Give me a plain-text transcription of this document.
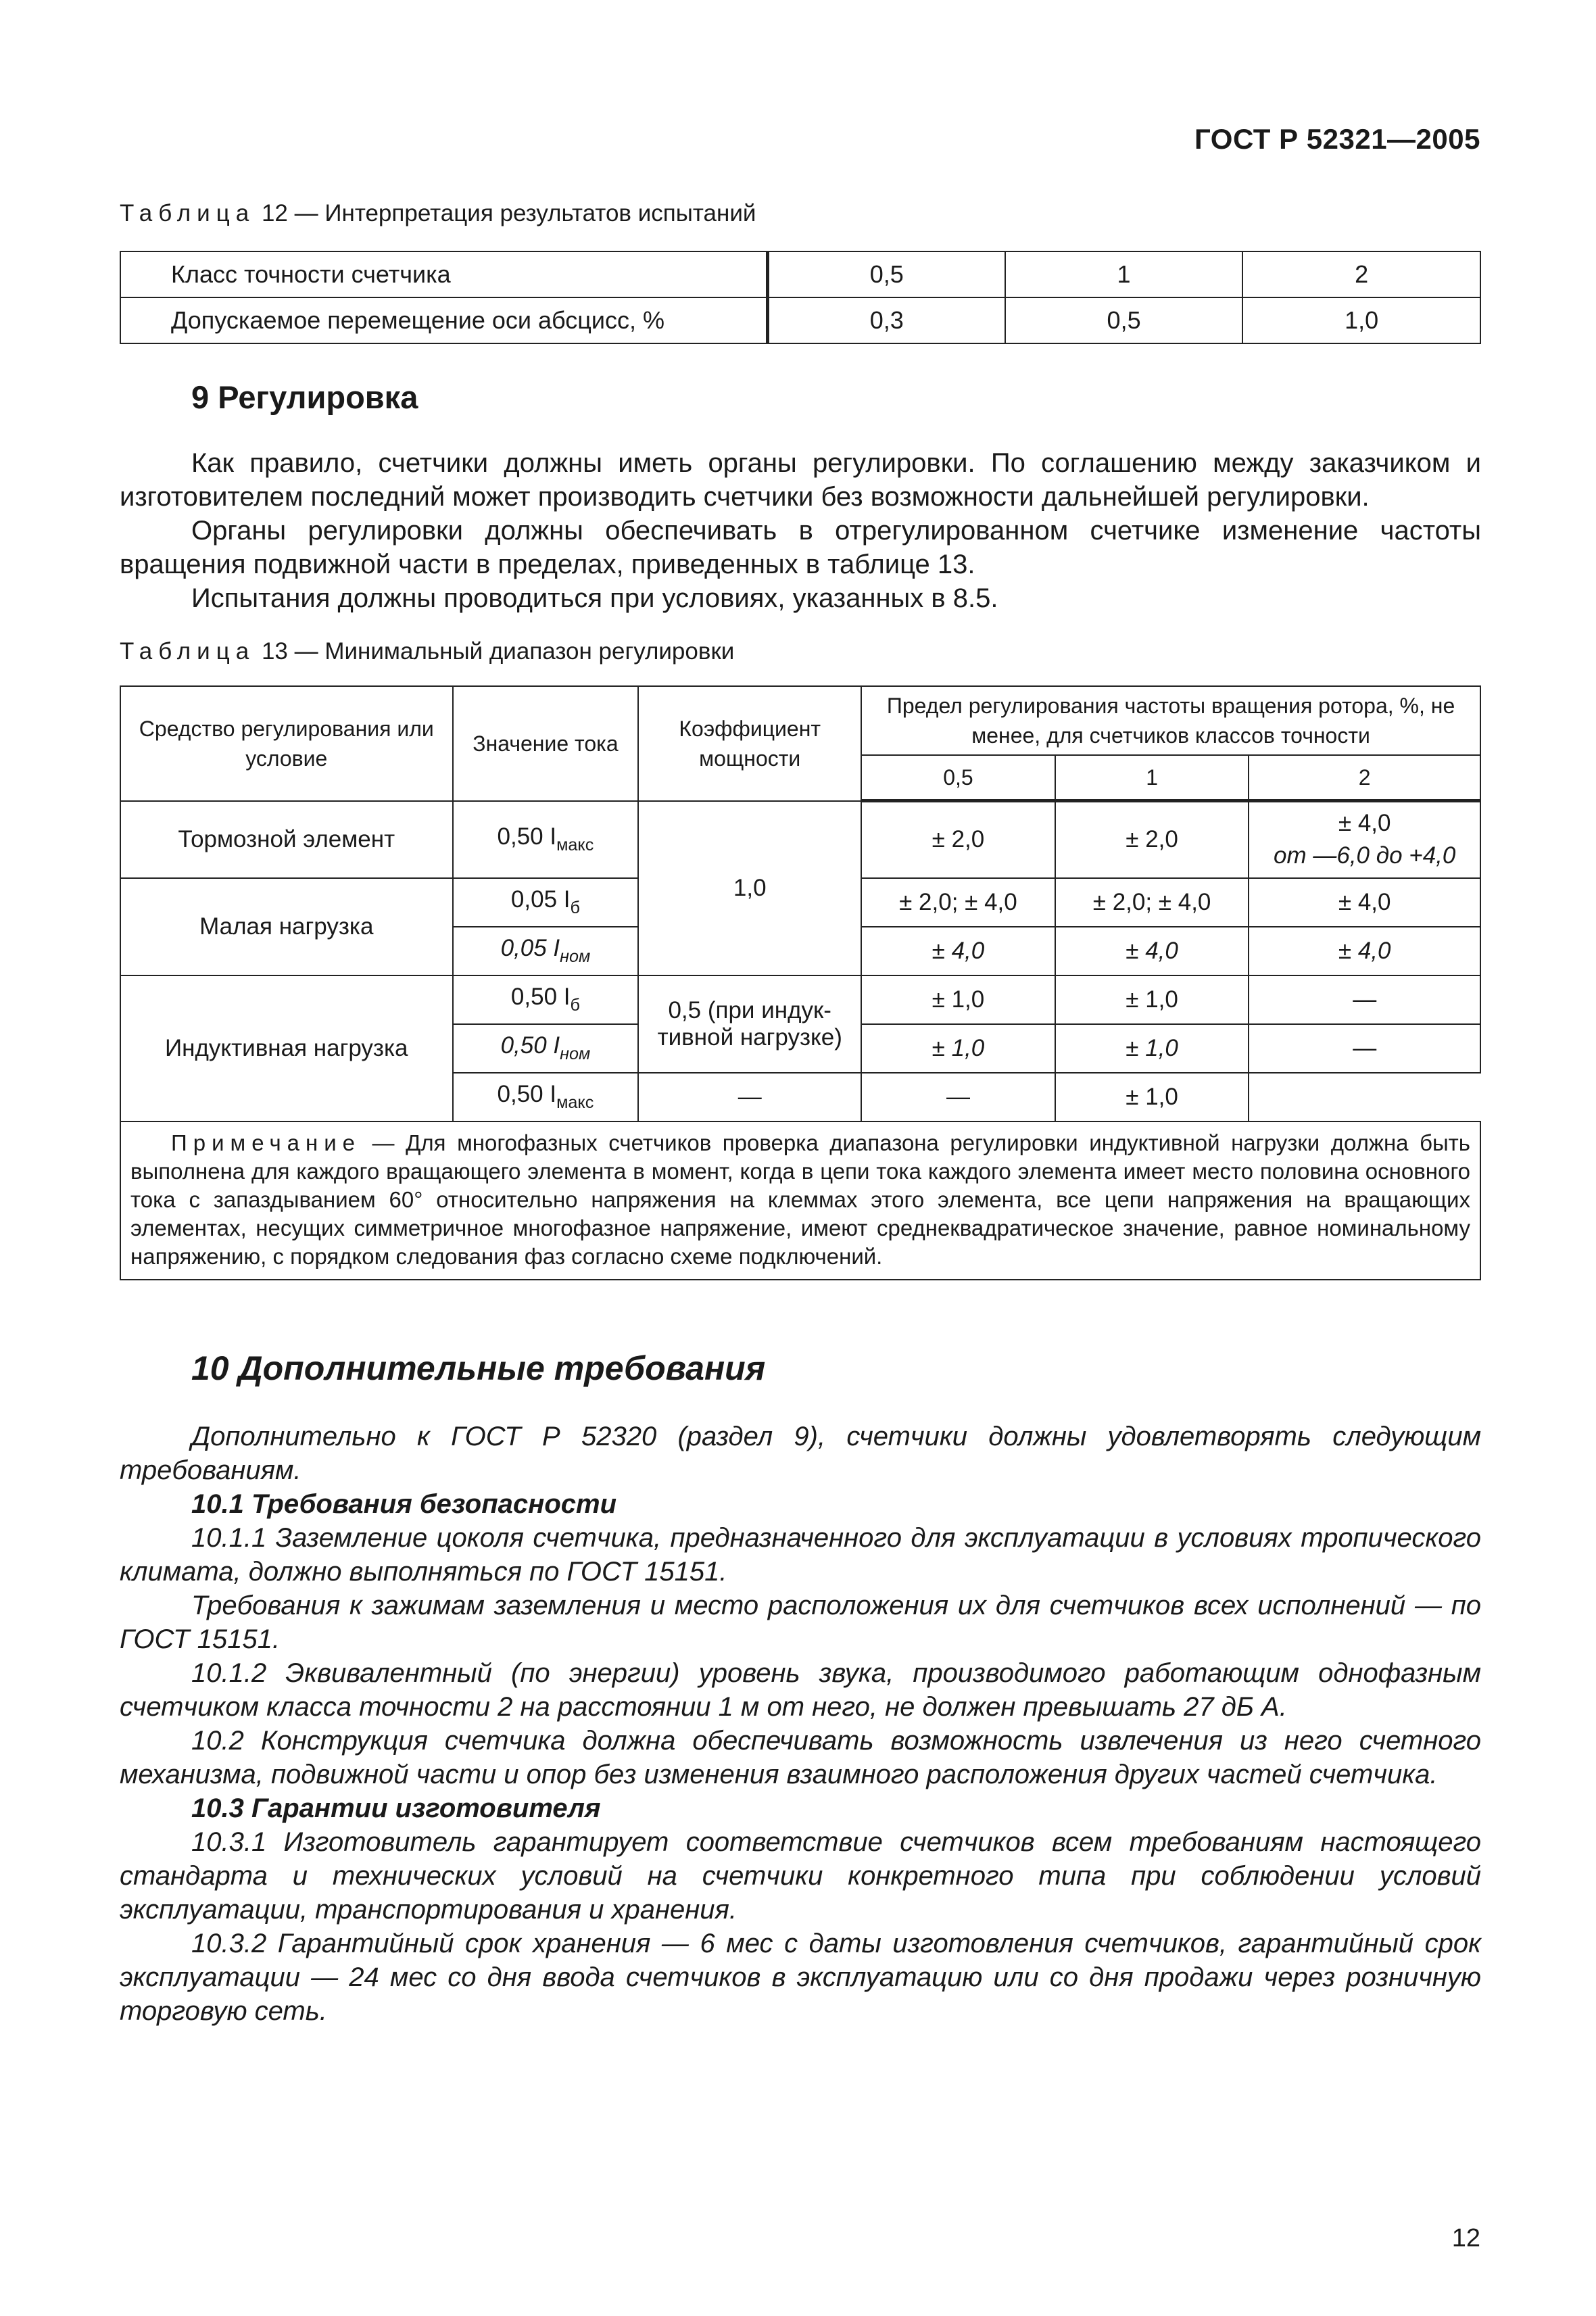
ГОСТ Р 52321—2005
Таблица 12 — Интерпретация результатов испытаний
Класс точности счетчика	0,5	1	2
Допускаемое перемещение оси абсцисс, %	0,3	0,5	1,0
9 Регулировка

Как правило, счетчики должны иметь органы регулировки. По соглашению между заказчиком и изготовителем последний может производить счетчики без возможности дальнейшей регулировки.

Органы регулировки должны обеспечивать в отрегулированном счетчике изменение частоты вращения подвижной части в пределах, приведенных в таблице 13.

Испытания должны проводиться при условиях, указанных в 8.5.

Таблица 13 — Минимальный диапазон регулировки
Средство регулирования или условие	Значение тока	Коэффициент мощности	Предел регулирования частоты вращения ротора, %, не менее, для счетчиков классов точности		
			0,5	1	2
Тормозной элемент	0,50 $I_{макс}$	1,0	± 2,0	± 2,0	± 4,0
от —6,0 до +4,0

Малая нагрузка	0,05 $I_б$		± 2,0; ± 4,0	± 2,0; ± 4,0	± 4,0
	0,05 $I_{ном}$		± 4,0	± 4,0	± 4,0
Индуктивная нагрузка	0,50 $I_б$	0,5 (при индук-тивной нагрузке)	± 1,0	± 1,0	—
	0,50 $I_{ном}$		± 1,0	± 1,0	—
	0,50 $I_{макс}$	—	—	± 1,0	
Примечание — Для многофазных счетчиков проверка диапазона регулировки индуктивной нагрузки должна быть выполнена для каждого вращающего элемента в момент, когда в цепи тока каждого элемента имеет место половина основного тока с запаздыванием 60° относительно напряжения на клеммах этого элемента, все цепи напряжения на вращающих элементах, несущих симметричное многофазное напряжение, имеют среднеквадратическое значение, равное номинальному напряжению, с порядком следования фаз согласно схеме подключений.					
10 Дополнительные требования

Дополнительно к ГОСТ Р 52320 (раздел 9), счетчики должны удовлетворять следующим требованиям.

10.1 Требования безопасности

10.1.1 Заземление цоколя счетчика, предназначенного для эксплуатации в условиях тропического климата, должно выполняться по ГОСТ 15151.

Требования к зажимам заземления и место расположения их для счетчиков всех исполнений — по ГОСТ 15151.

10.1.2 Эквивалентный (по энергии) уровень звука, производимого работающим однофазным счетчиком класса точности 2 на расстоянии 1 м от него, не должен превышать 27 дБ А.

10.2 Конструкция счетчика должна обеспечивать возможность извлечения из него счетного механизма, подвижной части и опор без изменения взаимного расположения других частей счетчика.

10.3 Гарантии изготовителя

10.3.1 Изготовитель гарантирует соответствие счетчиков всем требованиям настоящего стандарта и технических условий на счетчики конкретного типа при соблюдении условий эксплуатации, транспортирования и хранения.

10.3.2 Гарантийный срок хранения — 6 мес с даты изготовления счетчиков, гарантийный срок эксплуатации — 24 мес со дня ввода счетчиков в эксплуатацию или со дня продажи через розничную торговую сеть.

12
